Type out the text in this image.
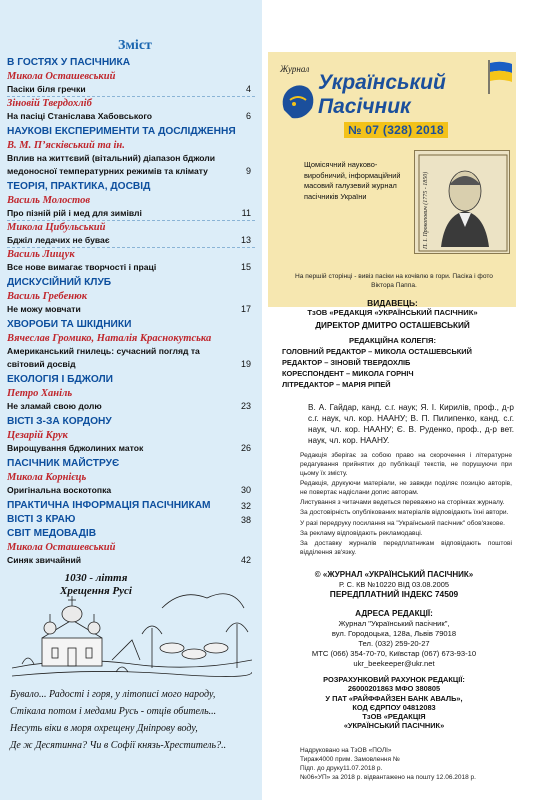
Зміст
В ГОСТЯХ У ПАСІЧНИКА
Микола Оcташевський
Пасіки біля гречки	4
Зіновій Твердохліб
На пасіці Станіслава Хабовського	6
НАУКОВІ ЕКСПЕРИМЕНТИ ТА ДОСЛІДЖЕННЯ
В. М. П’ясківський та ін.
Вплив на життєвий (вітальний) діапазон бджоли медоносної температурних режимів та клімату	9
ТЕОРІЯ, ПРАКТИКА, ДОСВІД
Василь Молостов
Про пізній рій і мед для зимівлі	11
Микола Цибульський
Бджіл ледачих не буває	13
Василь Лищук
Все нове вимагає творчості і праці	15
ДИСКУСІЙНИЙ КЛУБ
Василь Гребенюк
Не можу мовчати	17
ХВОРОБИ ТА ШКІДНИКИ
Вячеслав Громико, Наталія Краснокутська
Американський гнилець: сучасний погляд та світовий досвід	19
ЕКОЛОГІЯ І БДЖОЛИ
Петро Ханіль
Не зламай свою долю	23
ВІСТІ З-ЗА КОРДОНУ
Цезарій Крук
Вирощування бджолиних маток	26
ПАСІЧНИК МАЙСТРУЄ
Микола Корнієць
Оригінальна воскотопка	30
ПРАКТИЧНА ІНФОРМАЦІЯ ПАСІЧНИКАМ	32
ВІСТІ З КРАЮ	38
СВІТ МЕДОВАДІВ
Микола Осташевський
Синяк звичайний	42
1030 - ліття
Хрещення Русі
Бувало... Радості і горя, у літописі мого народу,
Стікала потом і медами Русь - отців обитель...
Несуть віки в моря охрещену Дніпрову воду,
Де ж Десятинна? Чи в Софії князь-Хреститель?..
Журнал
Український
Пасічник
№ 07 (328) 2018
Щомісячний науково-виробничий, інформаційний масовий галузевий журнал пасічників України	П. І. Прокопович (1775 - 1850)
На першій сторінці - вивіз пасіки на кочівлю в гори. Пасіка і фото Віктора Паппа.
ВИДАВЕЦЬ:
ТзОВ «РЕДАКЦІЯ «УКРАЇНСЬКИЙ ПАСІЧНИК»
ДИРЕКТОР ДМИТРО ОСТАШЕВСЬКИЙ
РЕДАКЦІЙНА КОЛЕГІЯ:
ГОЛОВНИЙ РЕДАКТОР – МИКОЛА ОСТАШЕВСЬКИЙ
РЕДАКТОР – ЗІНОВІЙ ТВЕРДОХЛІБ
КОРЕСПОНДЕНТ – МИКОЛА ГОРНІЧ
ЛІТРЕДАКТОР – МАРІЯ РІПЕЙ
В. А. Гайдар, канд. с.г. наук; Я. І. Кирилів, проф., д-р с.г. наук, чл. кор. НААНУ; В. П. Пилипенко, канд. с.г. наук, чл. кор. НААНУ; Є. В. Руденко, проф., д-р вет. наук, чл. кор. НААНУ.

Редакція зберігає за собою право на скорочення і літературне редагування прийнятих до публікації текстів, не порушуючи при цьому їх змісту.

Редакція, друкуючи матеріали, не завжди поділяє позицію авторів, не повертає надіслани допис авторам.

Листування з читачами ведеться переважно на сторінках журналу.

За достовірність опублікованих матеріалів відповідають їхні автори.

У разі передруку посилання на "Український пасічник" обов'язкове.

За рекламу відповідають рекламодавці.

За доставку журналів передплатникам відповідають поштові відділення зв'язку.

© «ЖУРНАЛ «УКРАЇНСЬКИЙ ПАСІЧНИК»
Р. С. КВ №10220 ВІД 03.08.2005
ПЕРЕДПЛАТНИЙ ІНДЕКС 74509
АДРЕСА РЕДАКЦІЇ:
Журнал "Український пасічник",
вул. Городоцька, 128а, Львів 79018
Тел. (032) 259-20-27
МТС (066) 354-70-70, Київстар (067) 673-93-10
ukr_beekeeper@ukr.net
РОЗРАХУНКОВИЙ РАХУНОК РЕДАКЦІЇ:
26000201863 МФО 380805
У ПАТ «РАЙФФАЙЗЕН БАНК АВАЛЬ»,
КОД ЄДРПОУ 04812083
ТзОВ «РЕДАКЦІЯ
«УКРАЇНСЬКИЙ ПАСІЧНИК»
Надруковано на ТзОВ «ПОЛІ»
Тираж4000 прим. Замовлення №
Підп. до друку11.07.2018 р.
№06«УП» за 2018 р. відвантажено на пошту 12.06.2018 р.
